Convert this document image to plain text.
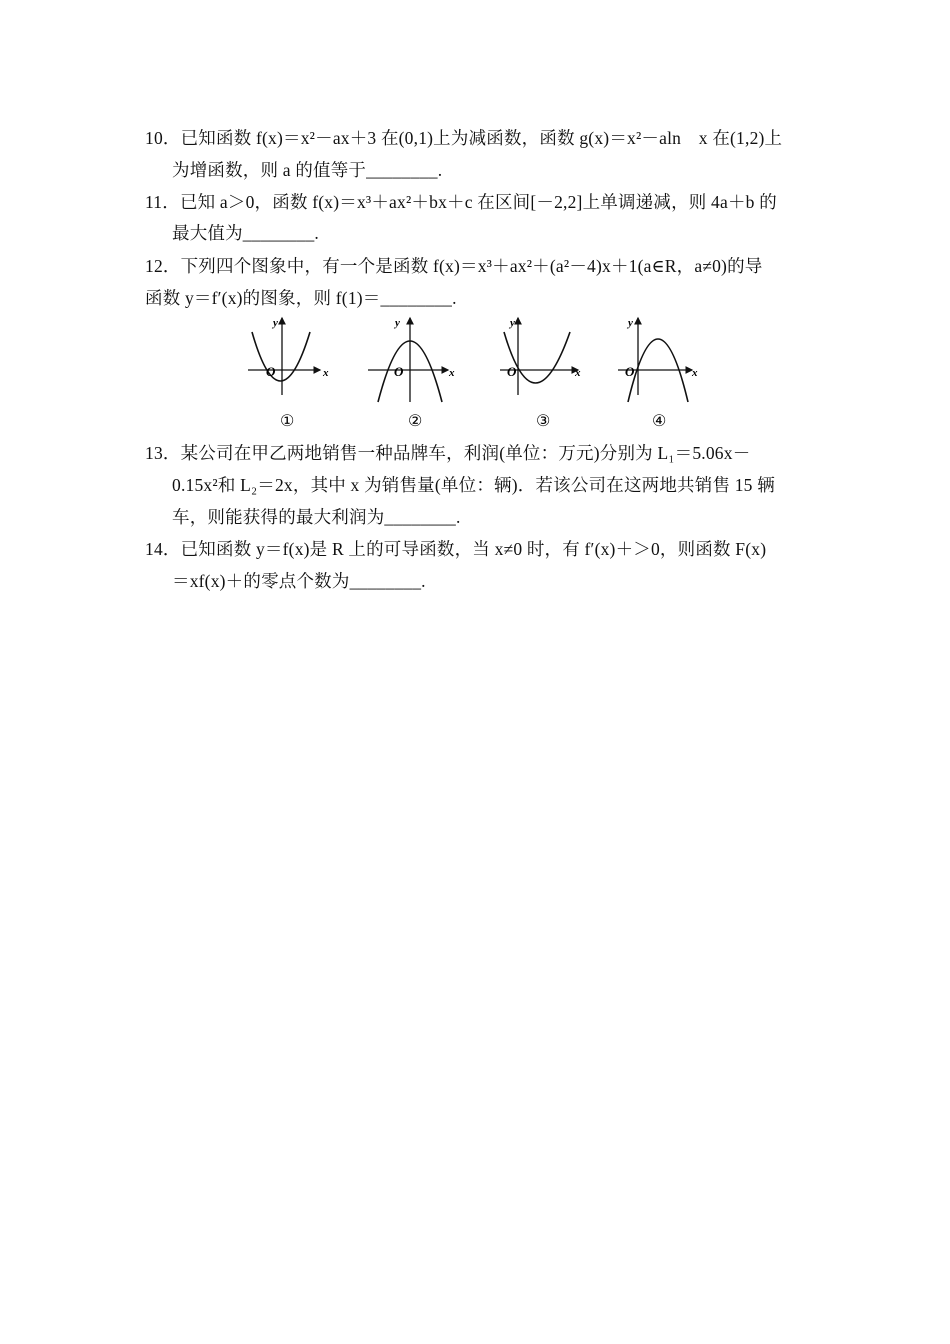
10．已知函数 f(x)＝x²－ax＋3 在(0,1)上为减函数，函数 g(x)＝x²－aln　x 在(1,2)上
为增函数，则 a 的值等于________.
11．已知 a＞0，函数 f(x)＝x³＋ax²＋bx＋c 在区间[－2,2]上单调递减，则 4a＋b 的
最大值为________.
12．下列四个图象中，有一个是函数 f(x)＝x³＋ax²＋(a²－4)x＋1(a∈R，a≠0)的导
函数 y＝f′(x)的图象，则 f(1)＝________.
y
x
O
①
y
x
O
②
y
x
O
③
y
x
O
④
13．某公司在甲乙两地销售一种品牌车，利润(单位：万元)分别为 L₁＝5.06x－
0.15x²和 L₂＝2x，其中 x 为销售量(单位：辆)．若该公司在这两地共销售 15 辆
车，则能获得的最大利润为________.
14．已知函数 y＝f(x)是 R 上的可导函数，当 x≠0 时，有 f′(x)＋＞0，则函数 F(x)
＝xf(x)＋的零点个数为________.
